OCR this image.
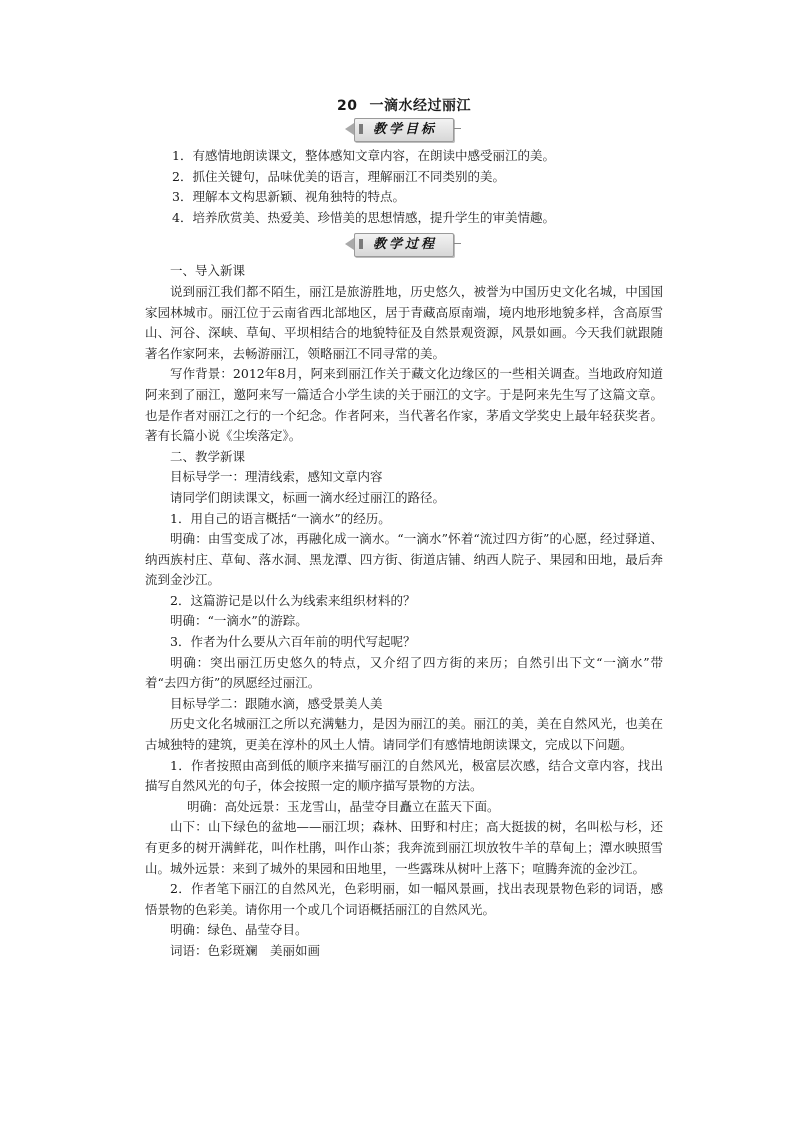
20 一滴水经过丽江
教学目标

1．有感情地朗读课文，整体感知文章内容，在朗读中感受丽江的美。

2．抓住关键句，品味优美的语言，理解丽江不同类别的美。

3．理解本文构思新颖、视角独特的特点。

4．培养欣赏美、热爱美、珍惜美的思想情感，提升学生的审美情趣。

教学过程

一、导入新课

说到丽江我们都不陌生，丽江是旅游胜地，历史悠久，被誉为中国历史文化名城，中国国家园林城市。丽江位于云南省西北部地区，居于青藏高原南端，境内地形地貌多样，含高原雪山、河谷、深峡、草甸、平坝相结合的地貌特征及自然景观资源，风景如画。今天我们就跟随著名作家阿来，去畅游丽江，领略丽江不同寻常的美。

写作背景：2012年8月，阿来到丽江作关于藏文化边缘区的一些相关调查。当地政府知道阿来到了丽江，邀阿来写一篇适合小学生读的关于丽江的文字。于是阿来先生写了这篇文章。也是作者对丽江之行的一个纪念。作者阿来，当代著名作家，茅盾文学奖史上最年轻获奖者。著有长篇小说《尘埃落定》。

二、教学新课

目标导学一：理清线索，感知文章内容

请同学们朗读课文，标画一滴水经过丽江的路径。

1．用自己的语言概括“一滴水”的经历。

明确：由雪变成了冰，再融化成一滴水。“一滴水”怀着“流过四方街”的心愿，经过驿道、纳西族村庄、草甸、落水洞、黑龙潭、四方街、街道店铺、纳西人院子、果园和田地，最后奔流到金沙江。

2．这篇游记是以什么为线索来组织材料的？

明确：“一滴水”的游踪。

3．作者为什么要从六百年前的明代写起呢？

明确：突出丽江历史悠久的特点，又介绍了四方街的来历；自然引出下文“一滴水”带着“去四方街”的夙愿经过丽江。

目标导学二：跟随水滴，感受景美人美

历史文化名城丽江之所以充满魅力，是因为丽江的美。丽江的美，美在自然风光，也美在古城独特的建筑，更美在淳朴的风土人情。请同学们有感情地朗读课文，完成以下问题。

1．作者按照由高到低的顺序来描写丽江的自然风光，极富层次感，结合文章内容，找出描写自然风光的句子，体会按照一定的顺序描写景物的方法。

明确：高处远景：玉龙雪山，晶莹夺目矗立在蓝天下面。

山下：山下绿色的盆地——丽江坝；森林、田野和村庄；高大挺拔的树，名叫松与杉，还有更多的树开满鲜花，叫作杜鹃，叫作山茶；我奔流到丽江坝放牧牛羊的草甸上；潭水映照雪山。城外远景：来到了城外的果园和田地里，一些露珠从树叶上落下；喧腾奔流的金沙江。

2．作者笔下丽江的自然风光，色彩明丽，如一幅风景画，找出表现景物色彩的词语，感悟景物的色彩美。请你用一个或几个词语概括丽江的自然风光。

明确：绿色、晶莹夺目。

词语：色彩斑斓　美丽如画
